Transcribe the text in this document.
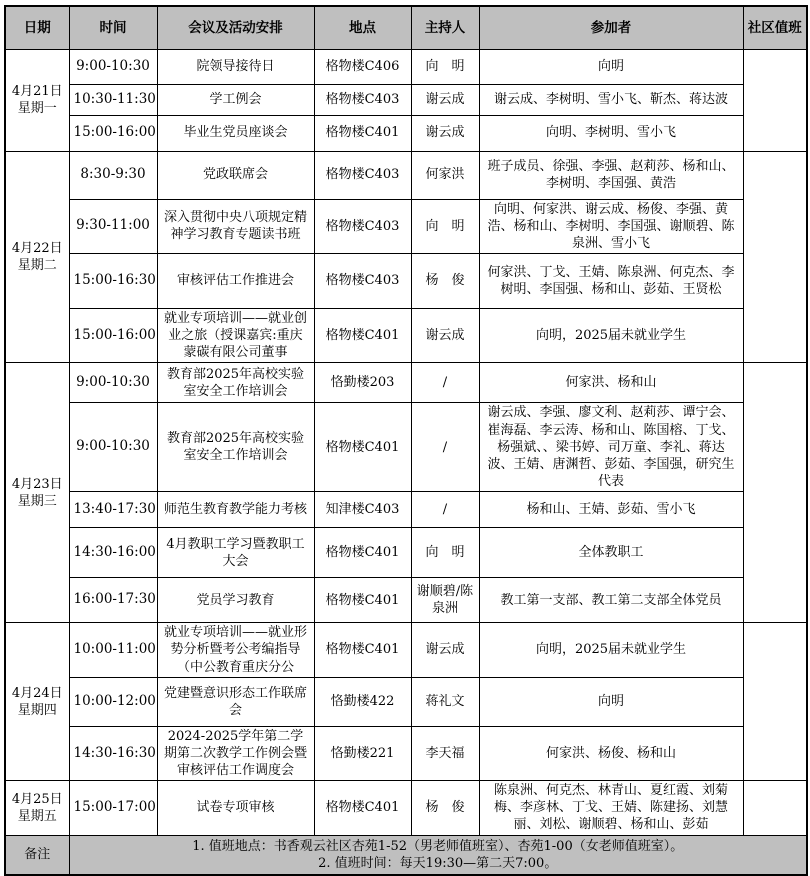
日期	时间	会议及活动安排	地点	主持人	参加者	社区值班

4月21日
星期一	9:00-10:30	院领导接待日	格物楼C406	向　明	向明	
	10:30-11:30	学工例会	格物楼C403	谢云成	谢云成、李树明、雪小飞、靳杰、蒋达波	
	15:00-16:00	毕业生党员座谈会	格物楼C401	谢云成	向明、李树明、雪小飞	

4月22日
星期二	8:30-9:30	党政联席会	格物楼C403	何家洪	班子成员、徐强、李强、赵莉莎、杨和山、李树明、李国强、黄浩	
	9:30-11:00	深入贯彻中央八项规定精神学习教育专题读书班	格物楼C403	向　明	向明、何家洪、谢云成、杨俊、李强、黄浩、杨和山、李树明、李国强、谢顺碧、陈泉洲、雪小飞	
	15:00-16:30	审核评估工作推进会	格物楼C403	杨　俊	何家洪、丁戈、王婧、陈泉洲、何克杰、李树明、李国强、杨和山、彭茹、王贤松	
	15:00-16:00	就业专项培训——就业创业之旅（授课嘉宾:重庆蒙碳有限公司董事	格物楼C401	谢云成	向明，2025届未就业学生	

4月23日
星期三	9:00-10:30	教育部2025年高校实验室安全工作培训会	恪勤楼203	/	何家洪、杨和山	
	9:00-10:30	教育部2025年高校实验室安全工作培训会	格物楼C401	/	谢云成、李强、廖文利、赵莉莎、谭宁会、崔海磊、李云涛、杨和山、陈国榕、丁戈、杨强斌、、梁书婷、司万童、李礼、蒋达波、王婧、唐渊哲、彭茹、李国强，研究生代表	
	13:40-17:30	师范生教育教学能力考核	知津楼C403	/	杨和山、王婧、彭茹、雪小飞	
	14:30-16:00	4月教职工学习暨教职工大会	格物楼C401	向　明	全体教职工	
	16:00-17:30	党员学习教育	格物楼C401	谢顺碧/陈泉洲	教工第一支部、教工第二支部全体党员	

4月24日
星期四	10:00-11:00	就业专项培训——就业形势分析暨考公考编指导（中公教育重庆分公	格物楼C401	谢云成	向明，2025届未就业学生	
	10:00-12:00	党建暨意识形态工作联席会	恪勤楼422	蒋礼文	向明	
	14:30-16:30	2024-2025学年第二学期第二次教学工作例会暨审核评估工作调度会	恪勤楼221	李天福	何家洪、杨俊、杨和山	

4月25日
星期五	15:00-17:00	试卷专项审核	格物楼C401	杨　俊	陈泉洲、何克杰、林青山、夏红霞、刘菊梅、李彦林、丁戈、王婧、陈建扬、刘慧丽、刘松、谢顺碧、杨和山、彭茹	
备注	1. 值班地点：书香观云社区杏苑1-52（男老师值班室）、杏苑1-00（女老师值班室）。
2. 值班时间：每天19:30—第二天7:00。					
